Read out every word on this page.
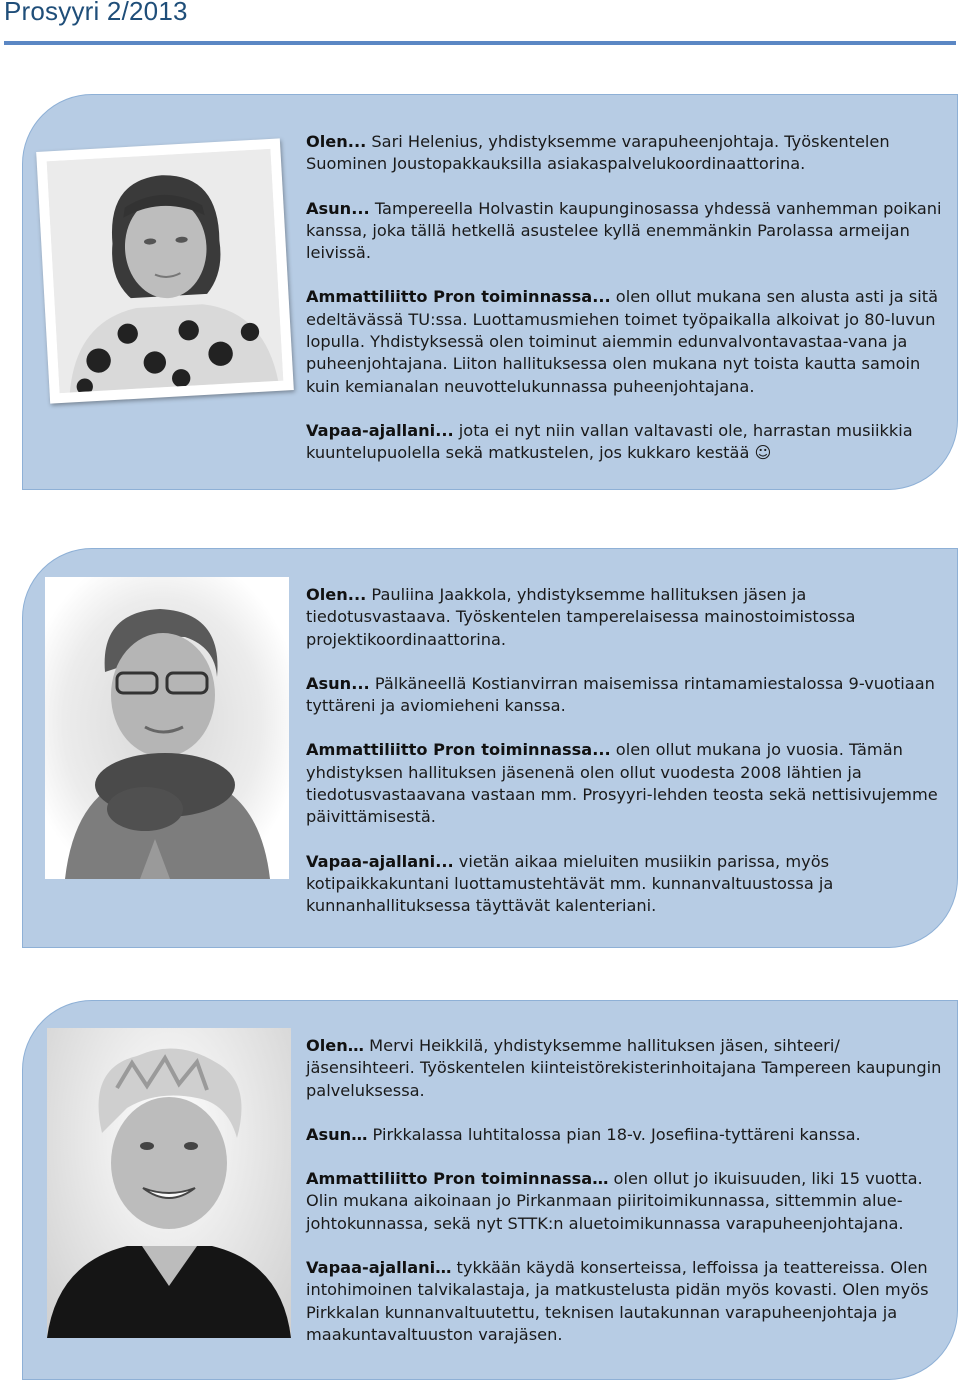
Prosyyri 2/2013

Olen... Sari Helenius, yhdistyksemme varapuheenjohtaja. Työskentelen Suominen Joustopakkauksilla asiakaspalvelukoordinaattorina.

Asun... Tampereella Holvastin kaupunginosassa yhdessä vanhemman poikani kanssa, joka tällä hetkellä asustelee kyllä enemmänkin Parolassa armeijan leivissä.

Ammattiliitto Pron toiminnassa... olen ollut mukana sen alusta asti ja sitä edeltävässä TU:ssa. Luottamusmiehen toimet työpaikalla alkoivat jo 80-luvun lopulla. Yhdistyksessä olen toiminut aiemmin edunvalvontavastaa-vana ja puheenjohtajana. Liiton hallituksessa olen mukana nyt toista kautta samoin kuin kemianalan neuvottelukunnassa puheenjohtajana.

Vapaa-ajallani... jota ei nyt niin vallan valtavasti ole, harrastan musiikkia kuuntelupuolella sekä matkustelen, jos kukkaro kestää ☺

Olen... Pauliina Jaakkola, yhdistyksemme hallituksen jäsen ja tiedotusvastaava. Työskentelen tamperelaisessa mainostoimistossa projektikoordinaattorina.

Asun... Pälkäneellä Kostianvirran maisemissa rintamamiestalossa 9-vuotiaan tyttäreni ja aviomieheni kanssa.

Ammattiliitto Pron toiminnassa... olen ollut mukana jo vuosia. Tämän yhdistyksen hallituksen jäsenenä olen ollut vuodesta 2008 lähtien ja tiedotusvastaavana vastaan mm. Prosyyri-lehden teosta sekä nettisivujemme päivittämisestä.

Vapaa-ajallani... vietän aikaa mieluiten musiikin parissa, myös kotipaikkakuntani luottamustehtävät mm. kunnanvaltuustossa ja kunnanhallituksessa täyttävät kalenteriani.

Olen… Mervi Heikkilä, yhdistyksemme hallituksen jäsen, sihteeri/ jäsensihteeri. Työskentelen kiinteistörekisterinhoitajana Tampereen kaupungin palveluksessa.

Asun… Pirkkalassa luhtitalossa pian 18-v. Josefiina-tyttäreni kanssa.

Ammattiliitto Pron toiminnassa… olen ollut jo ikuisuuden, liki 15 vuotta. Olin mukana aikoinaan jo Pirkanmaan piiritoimikunnassa, sittemmin alue-johtokunnassa, sekä nyt STTK:n aluetoimikunnassa varapuheenjohtajana.

Vapaa-ajallani… tykkään käydä konserteissa, leffoissa ja teattereissa. Olen intohimoinen talvikalastaja, ja matkustelusta pidän myös kovasti. Olen myös Pirkkalan kunnanvaltuutettu, teknisen lautakunnan varapuheenjohtaja ja maakuntavaltuuston varajäsen.
